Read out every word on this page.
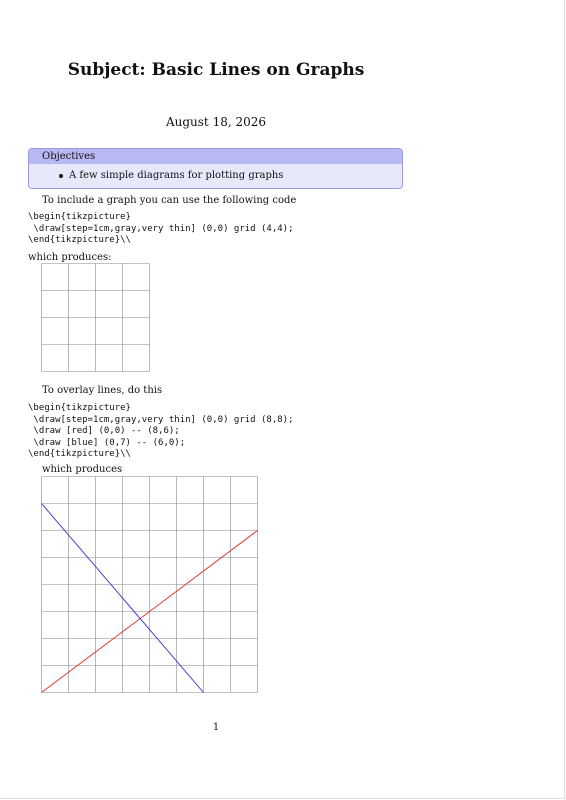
Subject: Basic Lines on Graphs
August 18, 2026
Objectives
A few simple diagrams for plotting graphs
To include a graph you can use the following code
\begin{tikzpicture}
\draw[step=1cm,gray,very thin] (0,0) grid (4,4);
\end{tikzpicture}\\
which produces:
To overlay lines, do this
\begin{tikzpicture}
\draw[step=1cm,gray,very thin] (0,0) grid (8,8);
\draw [red] (0,0) -- (8,6);
\draw [blue] (0,7) -- (6,0);
\end{tikzpicture}\\
which produces
1
